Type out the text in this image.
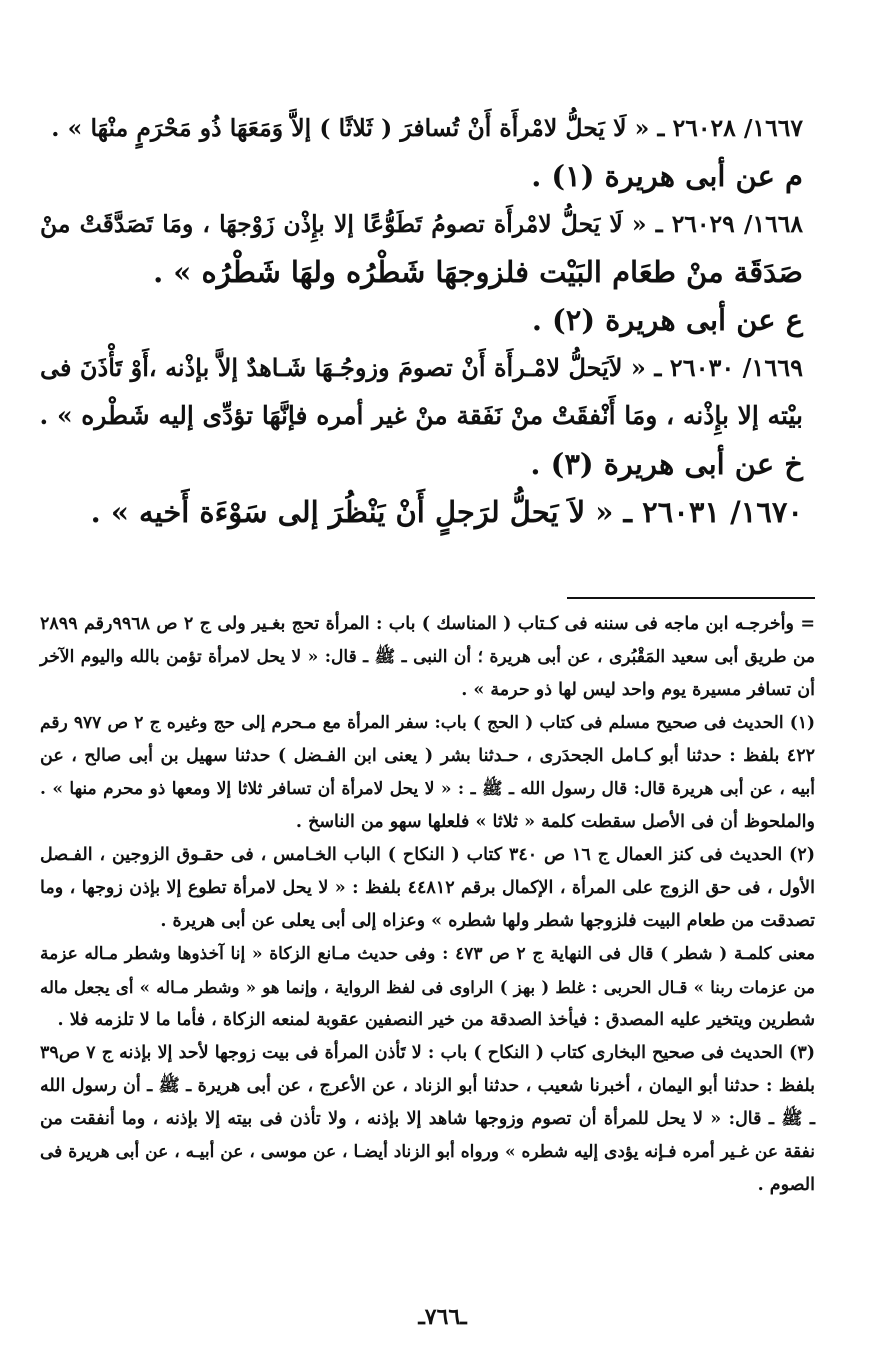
١٦٦٧/ ٢٦٠٢٨ ـ « لَا يَحلُّ لامْرأَة أَنْ تُسافرَ ( ثَلاثًا ) إلاَّ وَمَعَهَا ذُو مَحْرَمٍ منْهَا » .
م عن أبى هريرة (١) .
١٦٦٨/ ٢٦٠٢٩ ـ « لَا يَحلُّ لامْرأَة تصومُ تَطَوُّعًا إلا بإِذْن زَوْجهَا ، ومَا تَصَدَّقَتْ منْ
صَدَقَة منْ طعَام البَيْت فلزوجهَا شَطْرُه ولهَا شَطْرُه » .
ع عن أبى هريرة (٢) .
١٦٦٩/ ٢٦٠٣٠ ـ « لاَيَحلُّ لامْـرأَة أَنْ تصومَ وزوجُـهَا شَـاهدٌ إلاَّ بإذْنه ،أَوْ تَأْذَنَ فى
بيْته إلا بإِذْنه ، ومَا أَنْفقَتْ منْ نَفَقة منْ غير أمره فإنَّهَا تؤدِّى إليه شَطْره » .
خ عن أبى هريرة (٣) .
١٦٧٠/ ٢٦٠٣١ ـ « لاَ يَحلُّ لرَجلٍ أَنْ يَنْظُرَ إلى سَوْءَة أَخيه » .
= وأخرجـه ابن ماجه فى سننه فى كـتاب ( المناسك ) باب : المرأة تحج بغـير ولى ج ٢ ص ٩٩٦٨رقم ٢٨٩٩
من طريق أبى سعيد المَقْبُرى ، عن أبى هريرة ؛ أن النبى ـ ﷺ ـ قال: « لا يحل لامرأة تؤمن بالله واليوم الآخر
أن تسافر مسيرة يوم واحد ليس لها ذو حرمة » .
(١) الحديث فى صحيح مسلم فى كتاب ( الحج ) باب: سفر المرأة مع مـحرم إلى حج وغيره ج ٢ ص ٩٧٧ رقم
٤٢٢ بلفظ : حدثنا أبو كـامل الجحدَرى ، حـدثنا بشر ( يعنى ابن الفـضل ) حدثنا سهيل بن أبى صالح ، عن
أبيه ، عن أبى هريرة قال: قال رسول الله ـ ﷺ ـ : « لا يحل لامرأة أن تسافر ثلاثا إلا ومعها ذو محرم منها » .
والملحوظ أن فى الأصل سقطت كلمة « ثلاثا » فلعلها سهو من الناسخ .
(٢) الحديث فى كنز العمال ج ١٦ ص ٣٤٠ كتاب ( النكاح ) الباب الخـامس ، فى حقـوق الزوجين ، الفـصل
الأول ، فى حق الزوج على المرأة ، الإكمال برقم ٤٤٨١٢ بلفظ : « لا يحل لامرأة تطوع إلا بإذن زوجها ، وما
تصدقت من طعام البيت فلزوجها شطر ولها شطره » وعزاه إلى أبى يعلى عن أبى هريرة .
معنى كلمـة ( شطر ) قال فى النهاية ج ٢ ص ٤٧٣ : وفى حديث مـانع الزكاة « إنا آخذوها وشطر مـاله عزمة
من عزمات ربنا » قـال الحربى : غلط ( بهز ) الراوى فى لفظ الرواية ، وإنما هو « وشطر مـاله » أى يجعل ماله
شطرين ويتخير عليه المصدق : فيأخذ الصدقة من خير النصفين عقوبة لمنعه الزكاة ، فأما ما لا تلزمه فلا .
(٣) الحديث فى صحيح البخارى كتاب ( النكاح ) باب : لا تَأذن المرأة فى بيت زوجها لأحد إلا بإذنه ج ٧ ص٣٩
بلفظ : حدثنا أبو اليمان ، أخبرنا شعيب ، حدثنا أبو الزناد ، عن الأعرج ، عن أبى هريرة ـ ﷺ ـ أن رسول الله
ـ ﷺ ـ قال: « لا يحل للمرأة أن تصوم وزوجها شاهد إلا بإذنه ، ولا تأذن فى بيته إلا بإذنه ، وما أنفقت من
نفقة عن غـير أمره فـإنه يؤدى إليه شطره » ورواه أبو الزناد أيضـا ، عن موسى ، عن أبيـه ، عن أبى هريرة فى
الصوم .
ـ٧٦٦ـ
